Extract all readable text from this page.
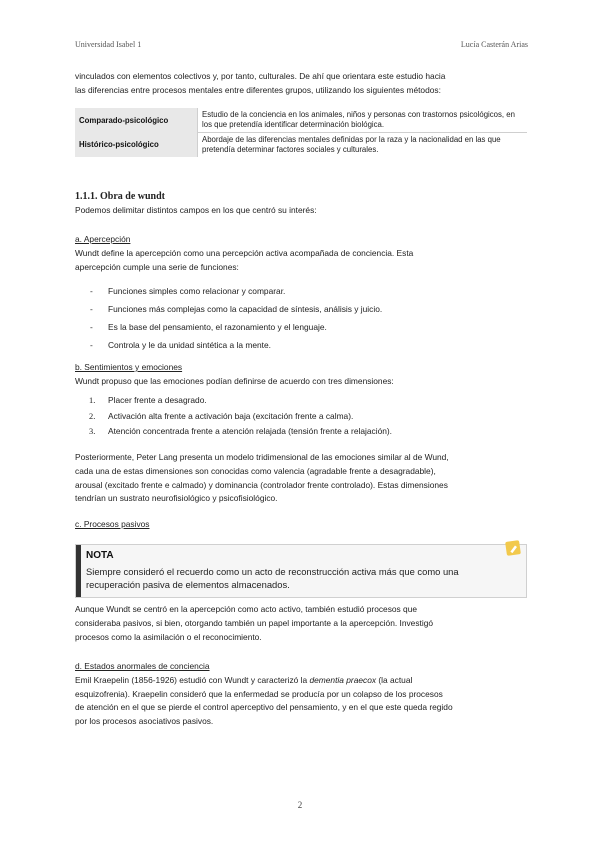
Universidad Isabel 1	Lucía Casterán Arias

vinculados con elementos colectivos y, por tanto, culturales. De ahí que orientara este estudio hacia

las diferencias entre procesos mentales entre diferentes grupos, utilizando los siguientes métodos:

Comparado-psicológico	Estudio de la conciencia en los animales, niños y personas con trastornos psicológicos, en los que pretendía identificar determinación biológica.
Histórico-psicológico	Abordaje de las diferencias mentales definidas por la raza y la nacionalidad en las que pretendía determinar factores sociales y culturales.

1.1.1. Obra de wundt

Podemos delimitar distintos campos en los que centró su interés:

a. Apercepción

Wundt define la apercepción como una percepción activa acompañada de conciencia. Esta

apercepción cumple una serie de funciones:

- Funciones simples como relacionar y comparar.

- Funciones más complejas como la capacidad de síntesis, análisis y juicio.

- Es la base del pensamiento, el razonamiento y el lenguaje.

- Controla y le da unidad sintética a la mente.

b. Sentimientos y emociones

Wundt propuso que las emociones podían definirse de acuerdo con tres dimensiones:

1. Placer frente a desagrado.

2. Activación alta frente a activación baja (excitación frente a calma).

3. Atención concentrada frente a atención relajada (tensión frente a relajación).

Posteriormente, Peter Lang presenta un modelo tridimensional de las emociones similar al de Wund,

cada una de estas dimensiones son conocidas como valencia (agradable frente a desagradable),

arousal (excitado frente e calmado) y dominancia (controlador frente controlado). Estas dimensiones

tendrían un sustrato neurofisiológico y psicofisiológico.

c. Procesos pasivos

NOTA
Siempre consideró el recuerdo como un acto de reconstrucción activa más que como una recuperación pasiva de elementos almacenados.

Aunque Wundt se centró en la apercepción como acto activo, también estudió procesos que

consideraba pasivos, si bien, otorgando también un papel importante a la apercepción. Investigó

procesos como la asimilación o el reconocimiento.

d. Estados anormales de conciencia

Emil Kraepelin (1856-1926) estudió con Wundt y caracterizó la dementia praecox (la actual

esquizofrenia). Kraepelin consideró que la enfermedad se producía por un colapso de los procesos

de atención en el que se pierde el control aperceptivo del pensamiento, y en el que este queda regido

por los procesos asociativos pasivos.

2
